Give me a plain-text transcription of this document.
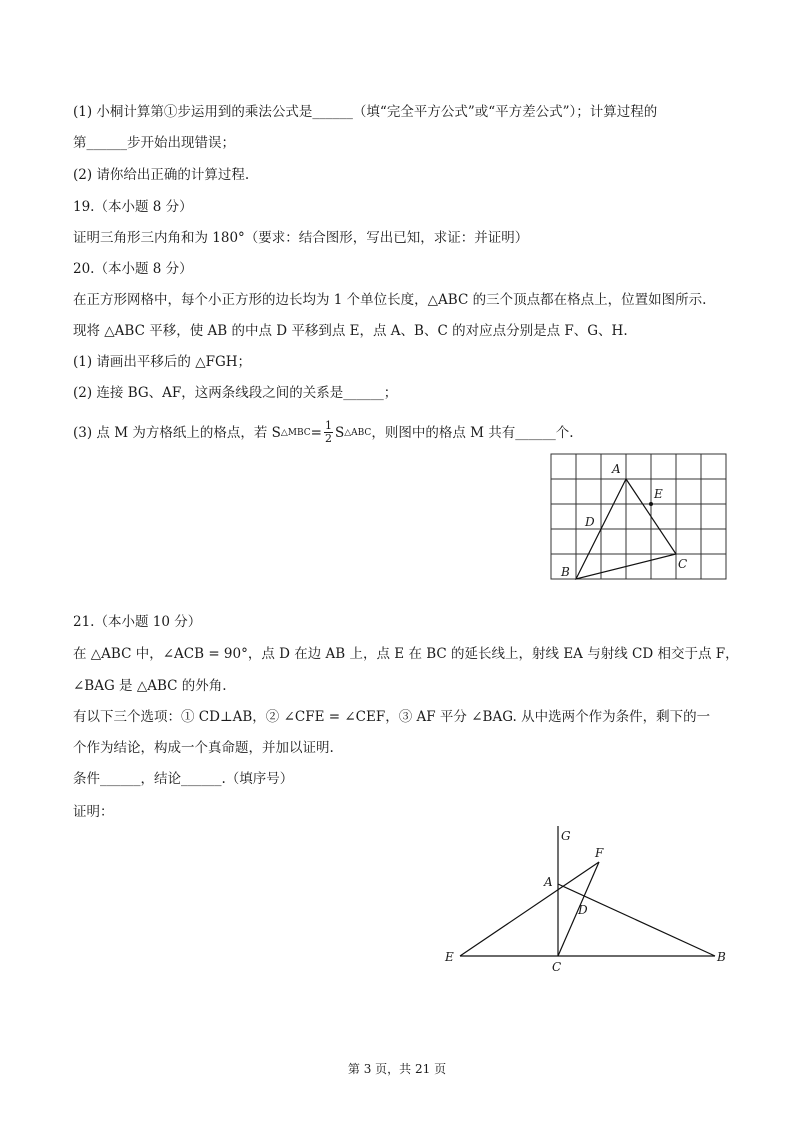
(1) 小桐计算第①步运用到的乘法公式是______（填“完全平方公式”或“平方差公式”）；计算过程的
第______步开始出现错误；
(2) 请你给出正确的计算过程.
19.（本小题 8 分）
证明三角形三内角和为 180°（要求：结合图形，写出已知，求证：并证明）
20.（本小题 8 分）
在正方形网格中，每个小正方形的边长均为 1 个单位长度，△ABC 的三个顶点都在格点上，位置如图所示.
现将 △ABC 平移，使 AB 的中点 D 平移到点 E，点 A、B、C 的对应点分别是点 F、G、H.
(1) 请画出平移后的 △FGH；
(2) 连接 BG、AF，这两条线段之间的关系是______；
(3) 点 M 为方格纸上的格点，若 S △MBC = $\frac{1}{2}$ S △ABC ，则图中的格点 M 共有______个.
A
E
D
C
B
21.（本小题 10 分）
在 △ABC 中，∠ACB = 90°，点 D 在边 AB 上，点 E 在 BC 的延长线上，射线 EA 与射线 CD 相交于点 F，
∠BAG 是 △ABC 的外角.
有以下三个选项：① CD⊥AB，② ∠CFE = ∠CEF，③ AF 平分 ∠BAG. 从中选两个作为条件，剩下的一
个作为结论，构成一个真命题，并加以证明.
条件______，结论______.（填序号）
证明：
G
F
A
D
E
C
B
第 3 页，共 21 页
